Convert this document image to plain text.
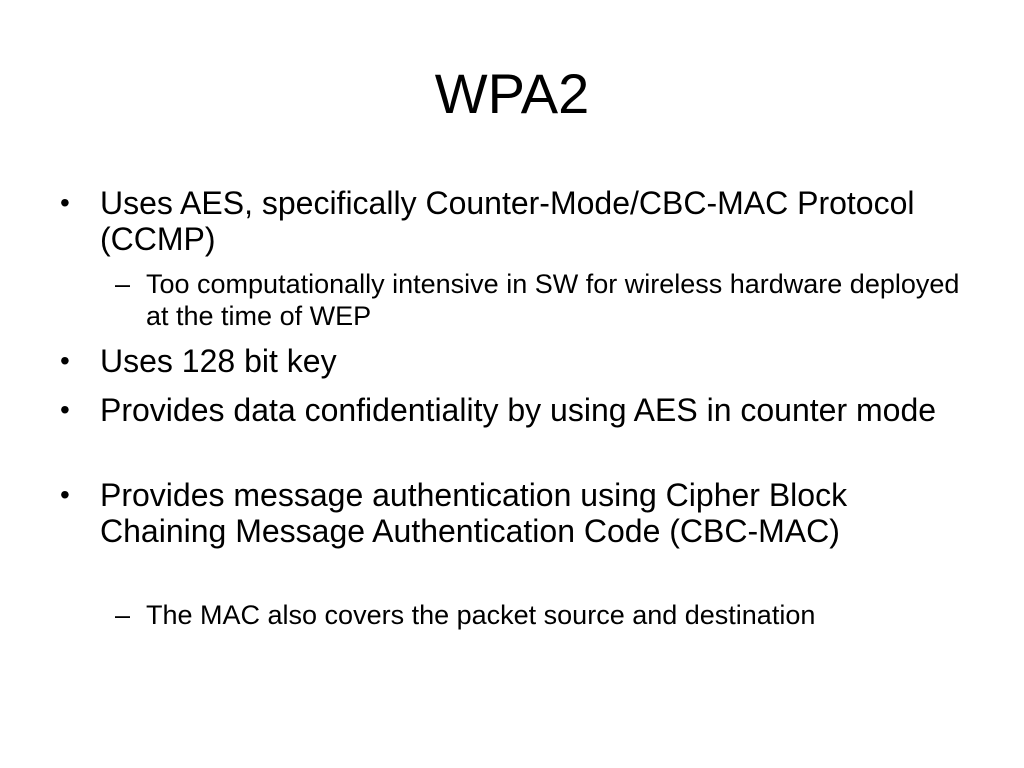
WPA2
• Uses AES, specifically Counter-Mode/CBC-MAC Protocol (CCMP)
– Too computationally intensive in SW for wireless hardware deployed at the time of WEP
• Uses 128 bit key
• Provides data confidentiality by using AES in counter mode
• Provides message authentication using Cipher Block Chaining Message Authentication Code (CBC-MAC)
– The MAC also covers the packet source and destination
